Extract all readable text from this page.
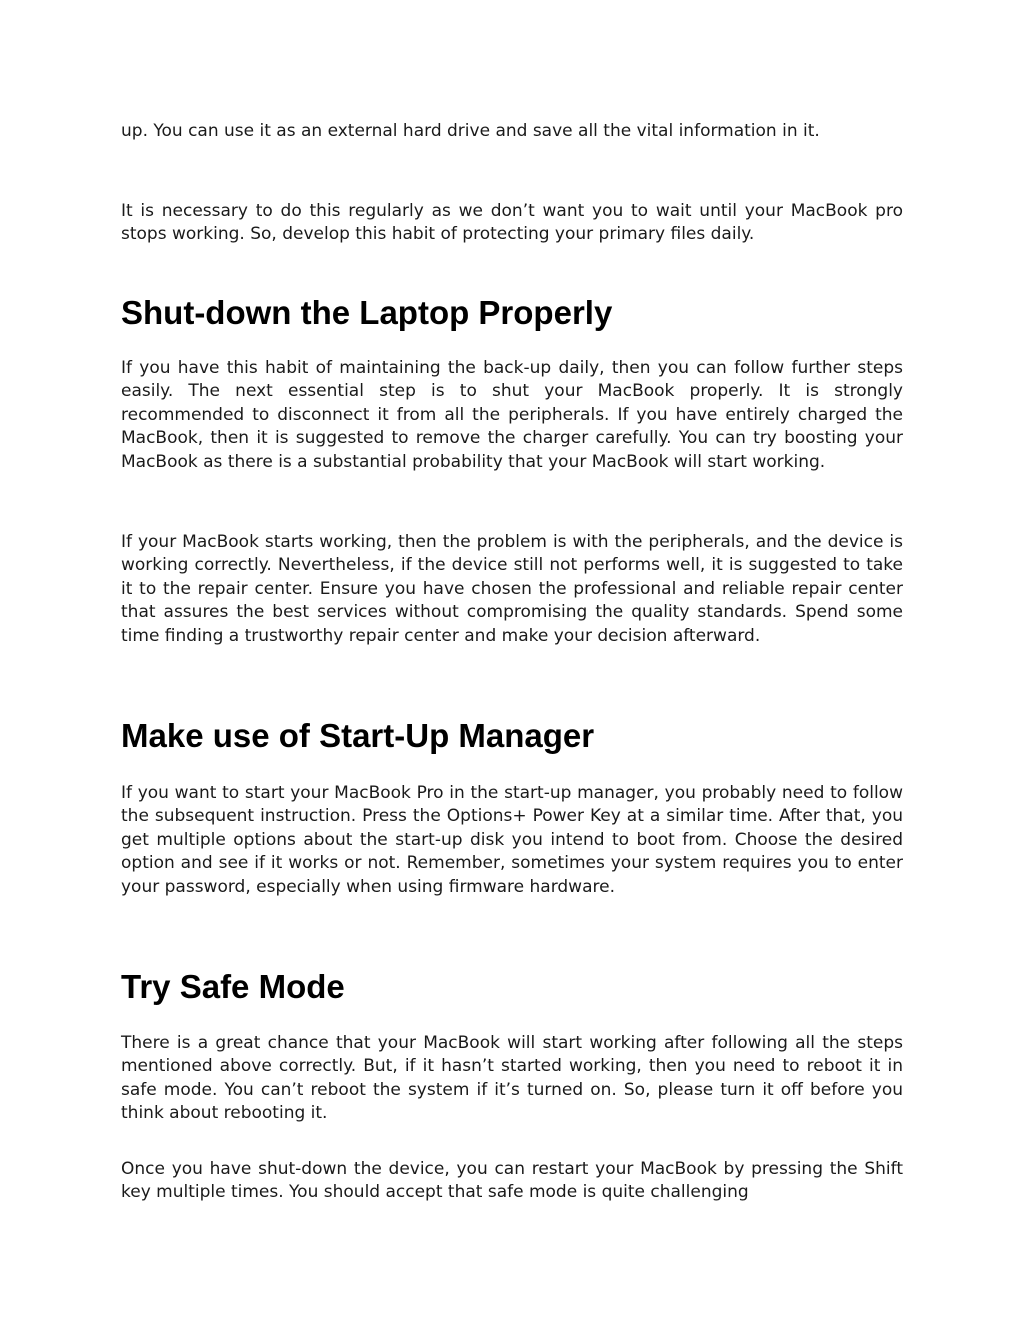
up. You can use it as an external hard drive and save all the vital information in it.

It is necessary to do this regularly as we don’t want you to wait until your MacBook pro stops working. So, develop this habit of protecting your primary files daily.

Shut-down the Laptop Properly

If you have this habit of maintaining the back-up daily, then you can follow further steps easily. The next essential step is to shut your MacBook properly. It is strongly recommended to disconnect it from all the peripherals. If you have entirely charged the MacBook, then it is suggested to remove the charger carefully. You can try boosting your MacBook as there is a substantial probability that your MacBook will start working.

If your MacBook starts working, then the problem is with the peripherals, and the device is working correctly. Nevertheless, if the device still not performs well, it is suggested to take it to the repair center. Ensure you have chosen the professional and reliable repair center that assures the best services without compromising the quality standards. Spend some time finding a trustworthy repair center and make your decision afterward.

Make use of Start-Up Manager

If you want to start your MacBook Pro in the start-up manager, you probably need to follow the subsequent instruction. Press the Options+ Power Key at a similar time. After that, you get multiple options about the start-up disk you intend to boot from. Choose the desired option and see if it works or not. Remember, sometimes your system requires you to enter your password, especially when using firmware hardware.

Try Safe Mode

There is a great chance that your MacBook will start working after following all the steps mentioned above correctly. But, if it hasn’t started working, then you need to reboot it in safe mode. You can’t reboot the system if it’s turned on. So, please turn it off before you think about rebooting it.

Once you have shut-down the device, you can restart your MacBook by pressing the Shift key multiple times. You should accept that safe mode is quite challenging
